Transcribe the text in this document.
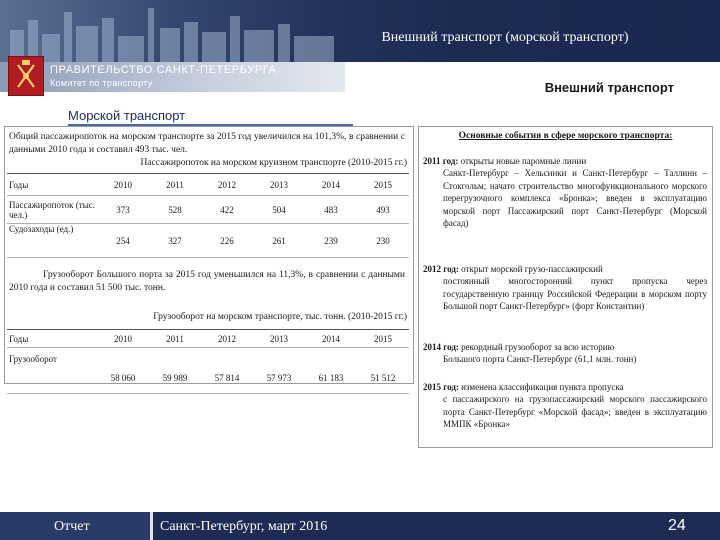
Внешний транспорт (морской транспорт)
ПРАВИТЕЛЬСТВО САНКТ-ПЕТЕРБУРГА
Комитет по транспорту	Внешний транспорт
Морской транспорт
Общий пассажиропоток на морском транспорте за 2015 год увеличился на 101,3%, в сравнении с данными 2010 года и составил 493 тыс. чел.
Пассажиропоток на морском круизном транспорте (2010-2015 гг.)
Годы	2010	2011	2012	2013	2014	2015
Пассажиропоток (тыс. чел.)	373	528	422	504	483	493
Судозаходы (ед.)	254	327	226	261	239	230
Грузооборот Большого порта за 2015 год уменьшился на 11,3%, в сравнении с данными 2010 года и составил 51 500 тыс. тонн.
Грузооборот на морском транспорте, тыс. тонн. (2010-2015 гг.)
Годы	2010	2011	2012	2013	2014	2015
Грузооборот	58 060	59 989	57 814	57 973	61 183	51 512
Основные события в сфере морского транспорта:
2011 год: открыты новые паромные линии
Санкт-Петербург – Хельсинки и Санкт-Петербург – Таллинн – Стокгольм; начато строительство многофункционального морского перегрузочного комплекса «Бронка»; введен в эксплуатацию морской порт Пассажирский порт Санкт-Петербург (Морской фасад)
2012 год: открыт морской грузо-пассажирский
постоянный многосторонний пункт пропуска через государственную границу Российской Федерации в морском порту Большой порт Санкт-Петербург» (форт Константин)
2014 год: рекордный грузооборот за всю историю
Большого порта Санкт-Петербург (61,1 млн. тонн)
2015 год: изменена классификация пункта пропуска
с пассажирского на грузопассажирский морского пассажирского порта Санкт-Петербург «Морской фасад»; введен в эксплуатацию ММПК «Бронка»
Отчет	Санкт-Петербург, март 2016	24
